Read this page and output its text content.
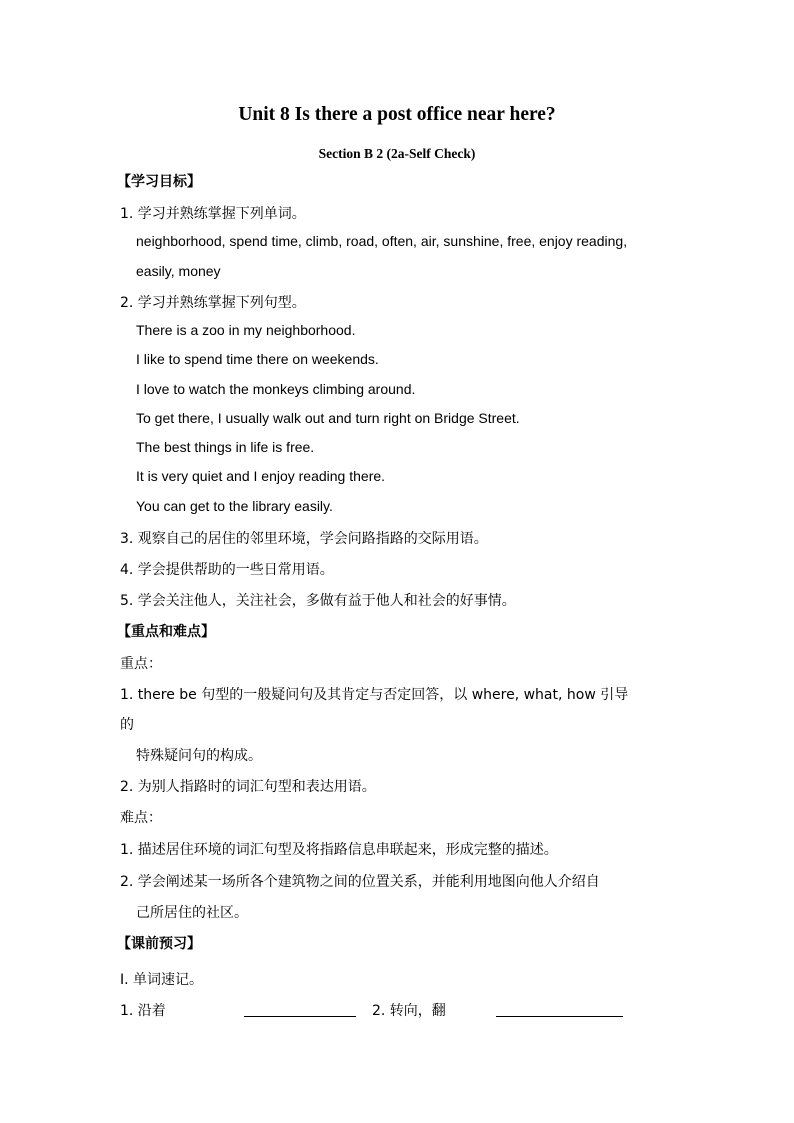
Unit 8 Is there a post office near here?
Section B 2 (2a-Self Check)
【学习目标】
1. 学习并熟练掌握下列单词。
neighborhood, spend time, climb, road, often, air, sunshine, free, enjoy reading,
easily, money
2. 学习并熟练掌握下列句型。
There is a zoo in my neighborhood.
I like to spend time there on weekends.
I love to watch the monkeys climbing around.
To get there, I usually walk out and turn right on Bridge Street.
The best things in life is free.
It is very quiet and I enjoy reading there.
You can get to the library easily.
3. 观察自己的居住的邻里环境，学会问路指路的交际用语。
4. 学会提供帮助的一些日常用语。
5. 学会关注他人，关注社会，多做有益于他人和社会的好事情。
【重点和难点】
重点：
1. there be 句型的一般疑问句及其肯定与否定回答，以 where, what, how 引导
的
特殊疑问句的构成。
2. 为别人指路时的词汇句型和表达用语。
难点：
1. 描述居住环境的词汇句型及将指路信息串联起来，形成完整的描述。
2. 学会阐述某一场所各个建筑物之间的位置关系，并能利用地图向他人介绍自
己所居住的社区。
【课前预习】
I. 单词速记。
1. 沿着	2. 转向，翻
